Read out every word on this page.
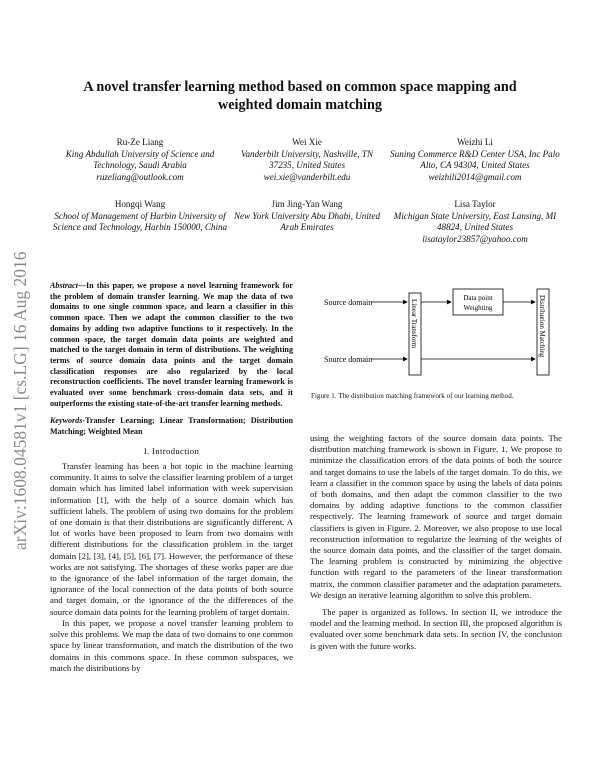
arXiv:1608.04581v1 [cs.LG] 16 Aug 2016
A novel transfer learning method based on common space mapping and weighted domain matching
Ru-Ze Liang
King Abdullah University of Science and Technology, Saudi Arabia
ruzeliang@outlook.com
Wei Xie
Vanderbilt University, Nashville, TN 37235, United States
wei.xie@vanderbilt.edu
Weizhi Li
Suning Commerce R&D Center USA, Inc Palo Alto, CA 94304, United States
weizhili2014@gmail.com
Hongqi Wang
School of Management of Harbin University of Science and Technology, Harbin 150000, China
Jim Jing-Yan Wang
New York University Abu Dhabi, United Arab Emirates
Lisa Taylor
Michigan State University, East Lansing, MI 48824, United States
lisataylor23857@yahoo.com
Abstract—In this paper, we propose a novel learning framework for the problem of domain transfer learning. We map the data of two domains to one single common space, and learn a classifier in this common space. Then we adapt the common classifier to the two domains by adding two adaptive functions to it respectively. In the common space, the target domain data points are weighted and matched to the target domain in term of distributions. The weighting terms of source domain data points and the target domain classification responses are also regularized by the local reconstruction coefficients. The novel transfer learning framework is evaluated over some benchmark cross-domain data sets, and it outperforms the existing state-of-the-art transfer learning methods.
Keywords-Transfer Learning; Linear Transformation; Distribution Matching; Weighted Mean
I. Introduction

Transfer learning has been a hot topic in the machine learning community. It aims to solve the classifier learning problem of a target domain which has limited label information with week supervision information [1], with the help of a source domain which has sufficient labels. The problem of using two domains for the problem of one domain is that their distributions are significantly different. A lot of works have been proposed to learn from two domains with different distributions for the classification problem in the target domain [2], [3], [4], [5], [6], [7]. However, the performance of these works are not satisfying. The shortages of these works paper are due to the ignorance of the label information of the target domain, the ignorance of the local connection of the data points of both source and target domain, or the ignorance of the the differences of the source domain data points for the learning problem of target domain.

In this paper, we propose a novel transfer learning problem to solve this problems. We map the data of two domains to one common space by linear transformation, and match the distribution of the two domains in this commons space. In these common subspaces, we match the distributions by

Source domain
Source domain
Linear Transform
Data point
Weighting	Distribution Matching
Figure 1. The distribution matching framework of our learning method.

using the weighting factors of the source domain data points. The distribution matching framework is shown in Figure. 1. We propose to minimize the classification errors of the data points of both the source and target domains to use the labels of the target domain. To do this, we learn a classifier in the common space by using the labels of data points of both domains, and then adapt the common classifier to the two domains by adding adaptive functions to the common classifier respectively. The learning framework of source and target domain classifiers is given in Figure. 2. Moreover, we also propose to use local reconstruction information to regularize the learning of the weights of the source domain data points, and the classifier of the target domain. The learning problem is constructed by minimizing the objective function with regard to the parameters of the linear transformation matrix, the common classifier parameter and the adaptation parameters. We design an iterative learning algorithm to solve this problem.

The paper is organized as follows. In section II, we introduce the model and the learning method. In section III, the proposed algorithm is evaluated over some benchmark data sets. In section IV, the conclusion is given with the future works.
